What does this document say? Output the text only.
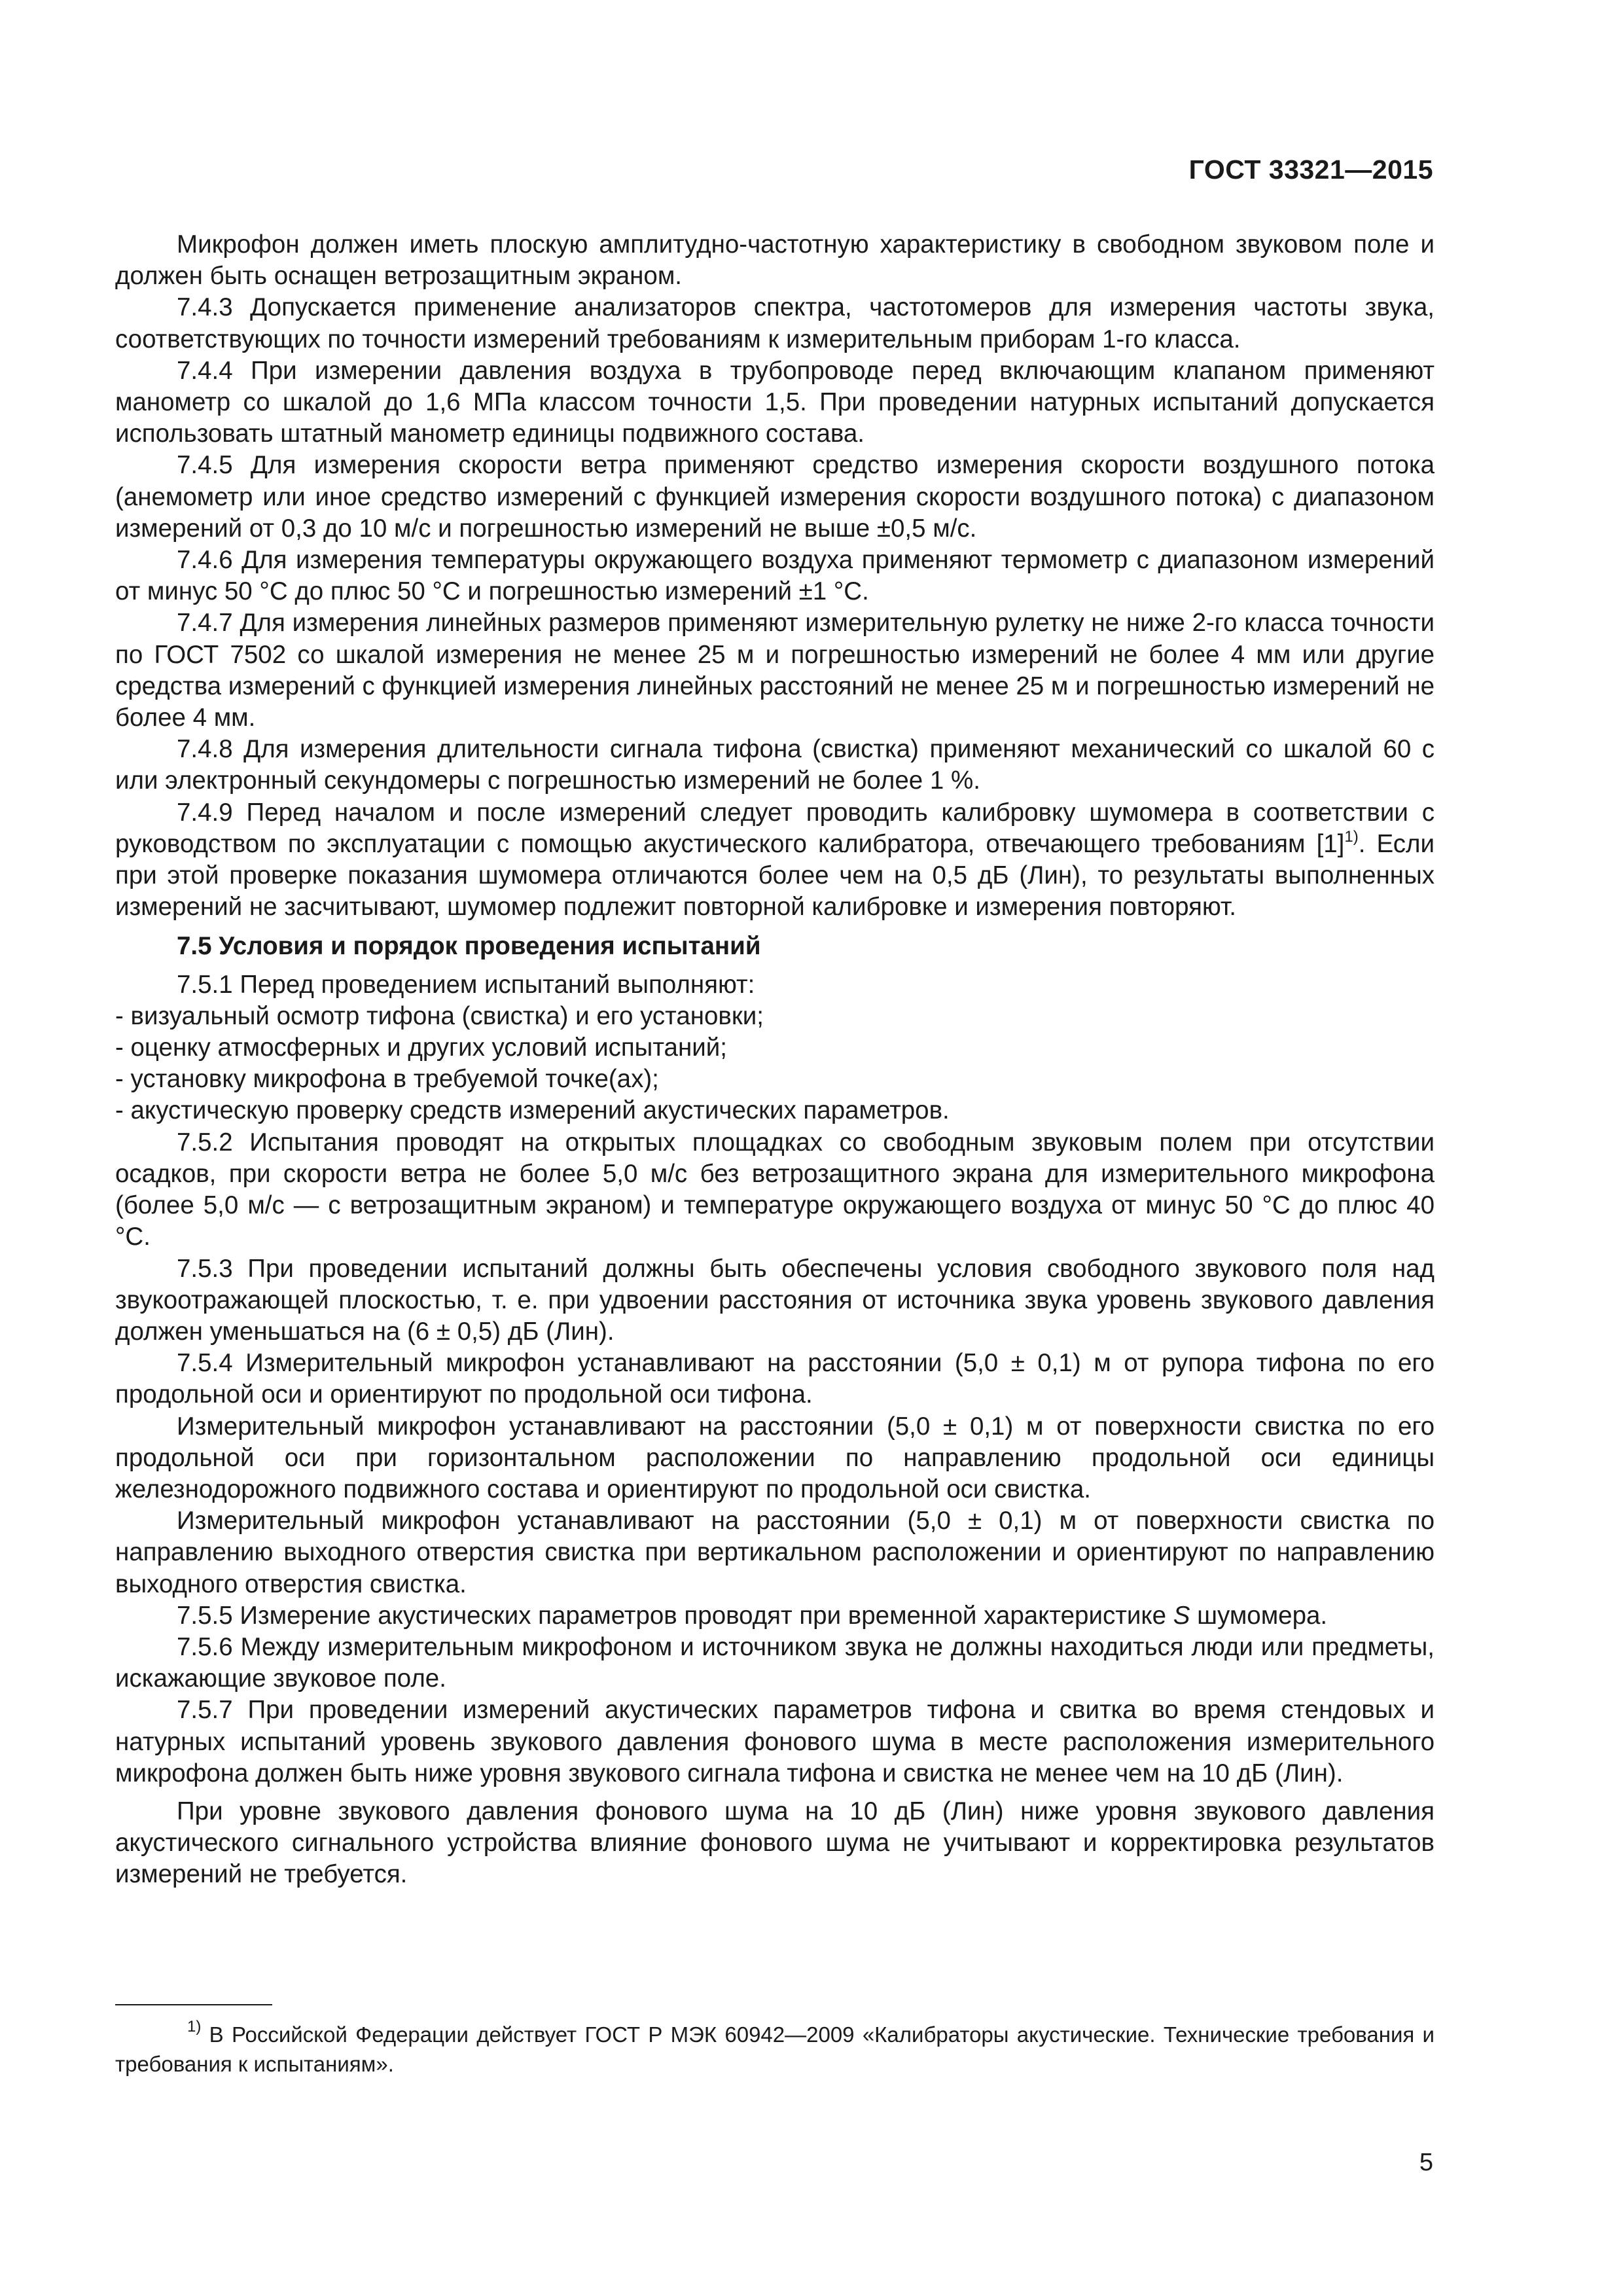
ГОСТ 33321—2015

Микрофон должен иметь плоскую амплитудно-частотную характеристику в свободном звуковом поле и должен быть оснащен ветрозащитным экраном.

7.4.3 Допускается применение анализаторов спектра, частотомеров для измерения частоты звука, соответствующих по точности измерений требованиям к измерительным приборам 1-го класса.

7.4.4 При измерении давления воздуха в трубопроводе перед включающим клапаном применяют манометр со шкалой до 1,6 МПа классом точности 1,5. При проведении натурных испытаний допускается использовать штатный манометр единицы подвижного состава.

7.4.5 Для измерения скорости ветра применяют средство измерения скорости воздушного потока (анемометр или иное средство измерений с функцией измерения скорости воздушного потока) с диапазоном измерений от 0,3 до 10 м/с и погрешностью измерений не выше ±0,5 м/с.

7.4.6 Для измерения температуры окружающего воздуха применяют термометр с диапазоном измерений от минус 50 °С до плюс 50 °С и погрешностью измерений ±1 °С.

7.4.7 Для измерения линейных размеров применяют измерительную рулетку не ниже 2-го класса точности по ГОСТ 7502 со шкалой измерения не менее 25 м и погрешностью измерений не более 4 мм или другие средства измерений с функцией измерения линейных расстояний не менее 25 м и погрешностью измерений не более 4 мм.

7.4.8 Для измерения длительности сигнала тифона (свистка) применяют механический со шкалой 60 с или электронный секундомеры с погрешностью измерений не более 1 %.

7.4.9 Перед началом и после измерений следует проводить калибровку шумомера в соответствии с руководством по эксплуатации с помощью акустического калибратора, отвечающего требованиям $[1]^{1)}$. Если при этой проверке показания шумомера отличаются более чем на 0,5 дБ (Лин), то результаты выполненных измерений не засчитывают, шумомер подлежит повторной калибровке и измерения повторяют.

7.5 Условия и порядок проведения испытаний

7.5.1 Перед проведением испытаний выполняют:

- визуальный осмотр тифона (свистка) и его установки;

- оценку атмосферных и других условий испытаний;

- установку микрофона в требуемой точке(ах);

- акустическую проверку средств измерений акустических параметров.

7.5.2 Испытания проводят на открытых площадках со свободным звуковым полем при отсутствии осадков, при скорости ветра не более 5,0 м/с без ветрозащитного экрана для измерительного микрофона (более 5,0 м/с — с ветрозащитным экраном) и температуре окружающего воздуха от минус 50 °С до плюс 40 °С.

7.5.3 При проведении испытаний должны быть обеспечены условия свободного звукового поля над звукоотражающей плоскостью, т. е. при удвоении расстояния от источника звука уровень звукового давления должен уменьшаться на (6 ± 0,5) дБ (Лин).

7.5.4 Измерительный микрофон устанавливают на расстоянии (5,0 ± 0,1) м от рупора тифона по его продольной оси и ориентируют по продольной оси тифона.

Измерительный микрофон устанавливают на расстоянии (5,0 ± 0,1) м от поверхности свистка по его продольной оси при горизонтальном расположении по направлению продольной оси единицы железнодорожного подвижного состава и ориентируют по продольной оси свистка.

Измерительный микрофон устанавливают на расстоянии (5,0 ± 0,1) м от поверхности свистка по направлению выходного отверстия свистка при вертикальном расположении и ориентируют по направлению выходного отверстия свистка.

7.5.5 Измерение акустических параметров проводят при временной характеристике S шумомера.

7.5.6 Между измерительным микрофоном и источником звука не должны находиться люди или предметы, искажающие звуковое поле.

7.5.7 При проведении измерений акустических параметров тифона и свитка во время стендовых и натурных испытаний уровень звукового давления фонового шума в месте расположения измерительного микрофона должен быть ниже уровня звукового сигнала тифона и свистка не менее чем на 10 дБ (Лин).

При уровне звукового давления фонового шума на 10 дБ (Лин) ниже уровня звукового давления акустического сигнального устройства влияние фонового шума не учитывают и корректировка результатов измерений не требуется.

$^{1)}$ В Российской Федерации действует ГОСТ Р МЭК 60942—2009 «Калибраторы акустические. Технические требования и требования к испытаниям».

5
